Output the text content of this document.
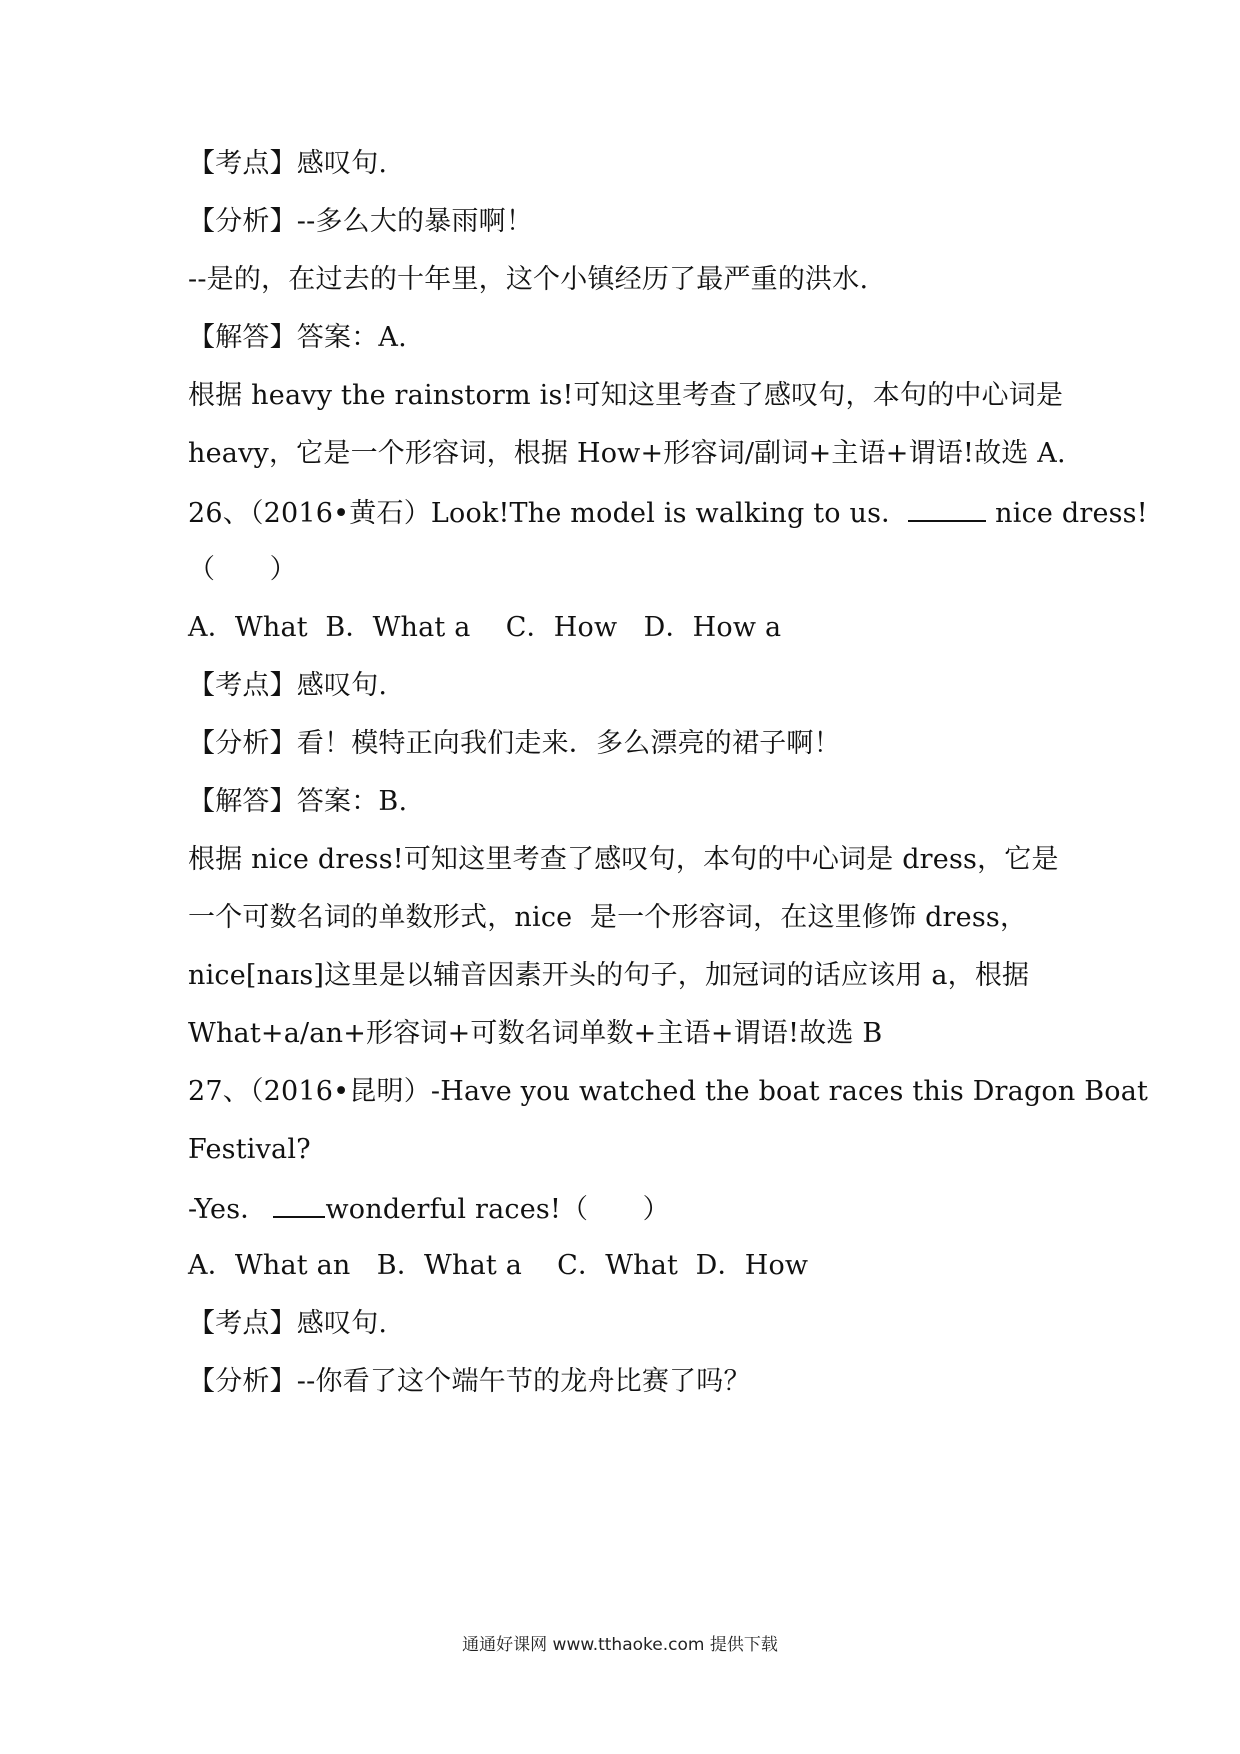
【考点】感叹句.
【分析】--多么大的暴雨啊！
--是的，在过去的十年里，这个小镇经历了最严重的洪水.
【解答】答案：A.
根据 heavy the rainstorm is!可知这里考查了感叹句，本句的中心词是
heavy，它是一个形容词，根据 How+形容词/副词+主语+谓语!故选 A.
26、（2016•黄石）Look!The model is walking to us．	nice dress!
（　　）
A．What  B．What a    C．How   D．How a
【考点】感叹句.
【分析】看！模特正向我们走来．多么漂亮的裙子啊！
【解答】答案：B.
根据 nice dress!可知这里考查了感叹句，本句的中心词是 dress，它是
一个可数名词的单数形式，nice  是一个形容词，在这里修饰 dress，
nice[naɪs]这里是以辅音因素开头的句子，加冠词的话应该用 a，根据
What+a/an+形容词+可数名词单数+主语+谓语!故选 B
27、（2016•昆明）-Have you watched the boat races this Dragon Boat
Festival?
-Yes． wonderful races!（　　）
A．What an   B．What a    C．What  D．How
【考点】感叹句.
【分析】--你看了这个端午节的龙舟比赛了吗？
通通好课网 www.tthaoke.com 提供下载
